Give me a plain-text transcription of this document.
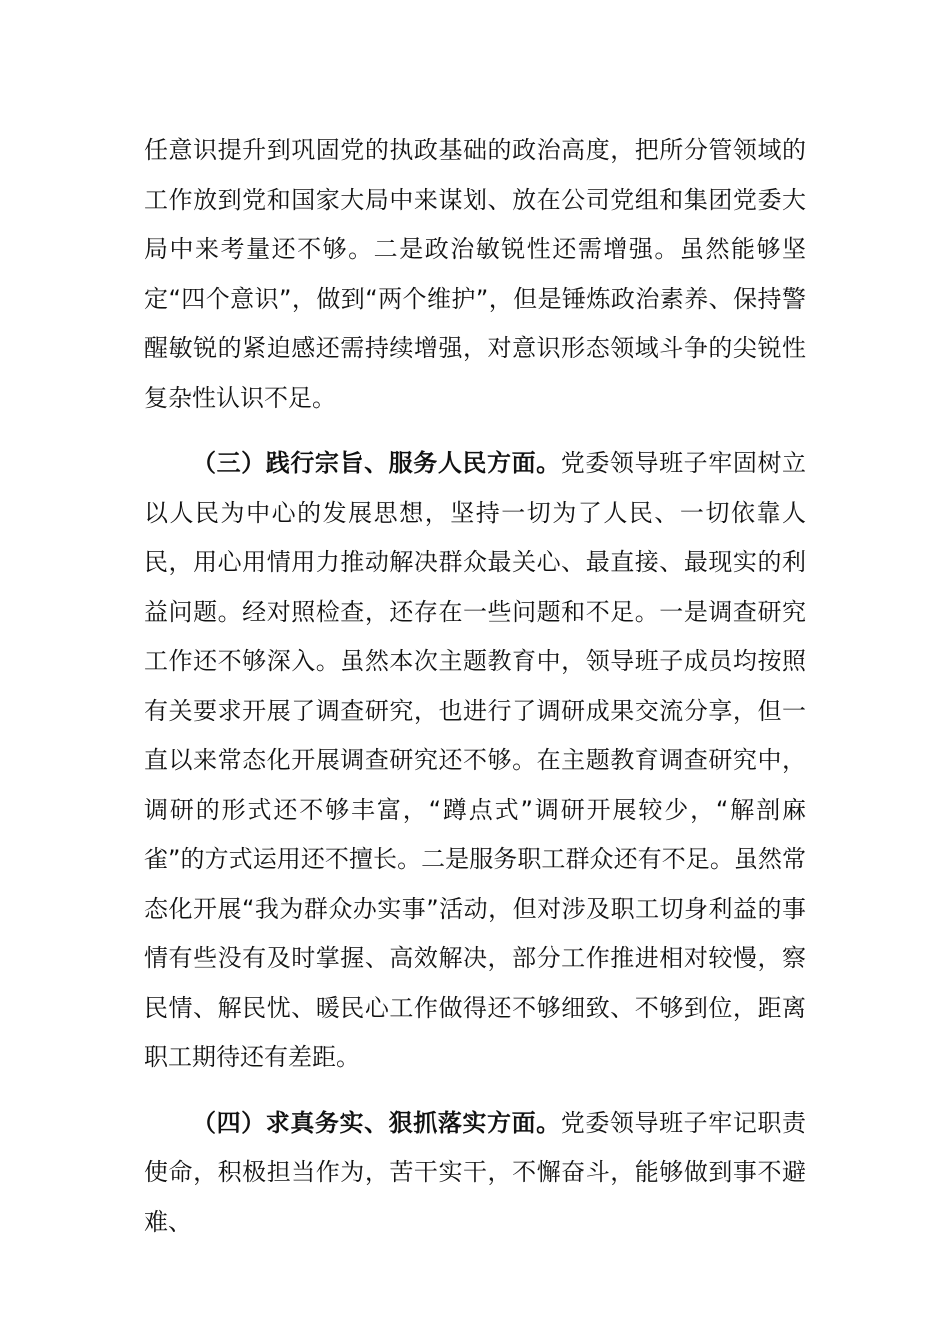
任意识提升到巩固党的执政基础的政治高度，把所分管领域的工作放到党和国家大局中来谋划、放在公司党组和集团党委大局中来考量还不够。二是政治敏锐性还需增强。虽然能够坚定“四个意识”，做到“两个维护”，但是锤炼政治素养、保持警醒敏锐的紧迫感还需持续增强，对意识形态领域斗争的尖锐性复杂性认识不足。

（三）践行宗旨、服务人民方面。党委领导班子牢固树立以人民为中心的发展思想，坚持一切为了人民、一切依靠人民，用心用情用力推动解决群众最关心、最直接、最现实的利益问题。经对照检查，还存在一些问题和不足。一是调查研究工作还不够深入。虽然本次主题教育中，领导班子成员均按照有关要求开展了调查研究，也进行了调研成果交流分享，但一直以来常态化开展调查研究还不够。在主题教育调查研究中，调研的形式还不够丰富，“蹲点式”调研开展较少，“解剖麻雀”的方式运用还不擅长。二是服务职工群众还有不足。虽然常态化开展“我为群众办实事”活动，但对涉及职工切身利益的事情有些没有及时掌握、高效解决，部分工作推进相对较慢，察民情、解民忧、暖民心工作做得还不够细致、不够到位，距离职工期待还有差距。

（四）求真务实、狠抓落实方面。党委领导班子牢记职责使命，积极担当作为，苦干实干，不懈奋斗，能够做到事不避难、
